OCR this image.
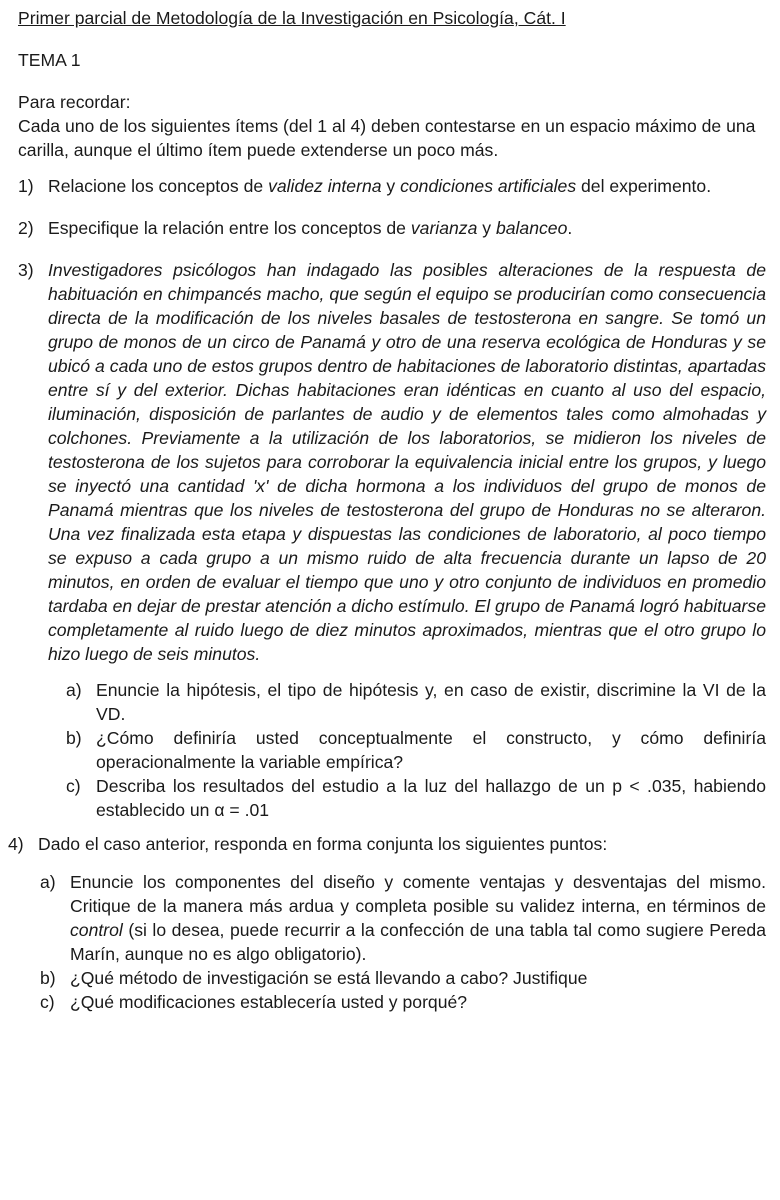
Primer parcial de Metodología de la Investigación en Psicología, Cát. I
TEMA 1
Para recordar:
Cada uno de los siguientes ítems (del 1 al 4) deben contestarse en un espacio máximo de una carilla, aunque el último ítem puede extenderse un poco más.
1) Relacione los conceptos de validez interna y condiciones artificiales del experimento.
2) Especifique la relación entre los conceptos de varianza y balanceo.
3) Investigadores psicólogos han indagado las posibles alteraciones de la respuesta de habituación en chimpancés macho, que según el equipo se producirían como consecuencia directa de la modificación de los niveles basales de testosterona en sangre. Se tomó un grupo de monos de un circo de Panamá y otro de una reserva ecológica de Honduras y se ubicó a cada uno de estos grupos dentro de habitaciones de laboratorio distintas, apartadas entre sí y del exterior. Dichas habitaciones eran idénticas en cuanto al uso del espacio, iluminación, disposición de parlantes de audio y de elementos tales como almohadas y colchones. Previamente a la utilización de los laboratorios, se midieron los niveles de testosterona de los sujetos para corroborar la equivalencia inicial entre los grupos, y luego se inyectó una cantidad 'x' de dicha hormona a los individuos del grupo de monos de Panamá mientras que los niveles de testosterona del grupo de Honduras no se alteraron. Una vez finalizada esta etapa y dispuestas las condiciones de laboratorio, al poco tiempo se expuso a cada grupo a un mismo ruido de alta frecuencia durante un lapso de 20 minutos, en orden de evaluar el tiempo que uno y otro conjunto de individuos en promedio tardaba en dejar de prestar atención a dicho estímulo. El grupo de Panamá logró habituarse completamente al ruido luego de diez minutos aproximados, mientras que el otro grupo lo hizo luego de seis minutos.
a) Enuncie la hipótesis, el tipo de hipótesis y, en caso de existir, discrimine la VI de la VD.
b) ¿Cómo definiría usted conceptualmente el constructo, y cómo definiría operacionalmente la variable empírica?
c) Describa los resultados del estudio a la luz del hallazgo de un p < .035, habiendo establecido un α = .01
4) Dado el caso anterior, responda en forma conjunta los siguientes puntos:
a) Enuncie los componentes del diseño y comente ventajas y desventajas del mismo. Critique de la manera más ardua y completa posible su validez interna, en términos de control (si lo desea, puede recurrir a la confección de una tabla tal como sugiere Pereda Marín, aunque no es algo obligatorio).
b) ¿Qué método de investigación se está llevando a cabo? Justifique
c) ¿Qué modificaciones establecería usted y porqué?
